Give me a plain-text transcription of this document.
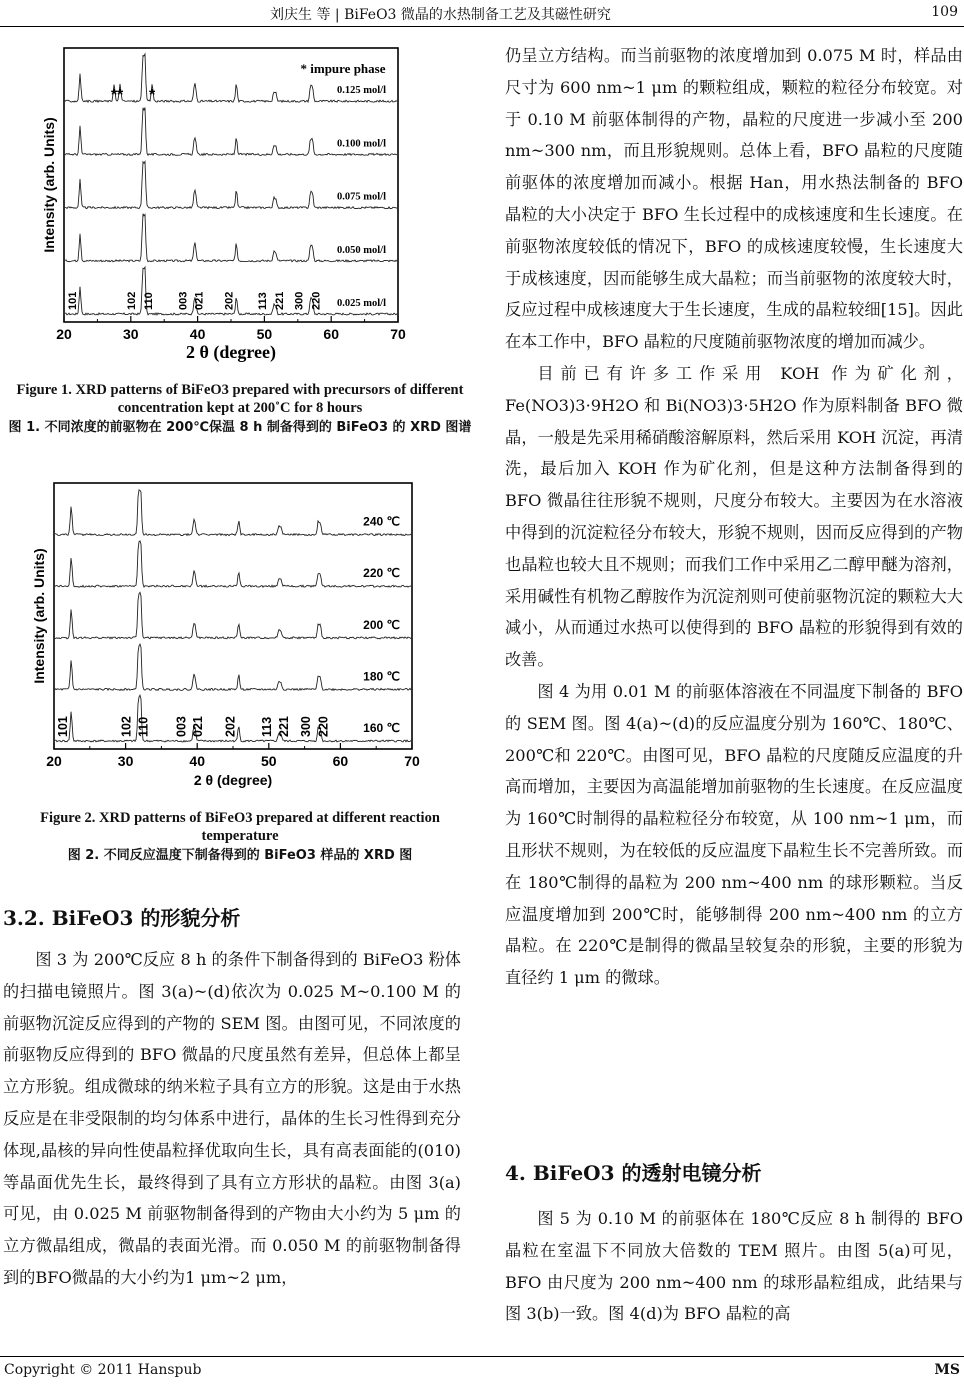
刘庆生 等 | BiFeO3 微晶的水热制备工艺及其磁性研究	109
20	30	40	50	60	70
2 θ (degree)
Intensity (arb. Units)
0.025 mol/l
0.050 mol/l
0.075 mol/l
0.100 mol/l
0.125 mol/l
101	102 110 003 021 202 113 221 300 220
* impure phase
* * *
Figure 1. XRD patterns of BiFeO3 prepared with precursors of different concentration kept at 200˚C for 8 hours
图 1. 不同浓度的前驱物在 200℃保温 8 h 制备得到的 BiFeO3 的 XRD 图谱
20	30	40	50	60	70
2 θ (degree)
Intensity (arb. Units)
160 ℃
180 ℃
200 ℃
220 ℃
240 ℃
101	102 110 003 021 202 113 221 300 220
Figure 2. XRD patterns of BiFeO3 prepared at different reaction temperature
图 2. 不同反应温度下制备得到的 BiFeO3 样品的 XRD 图
3.2. BiFeO3 的形貌分析

图 3 为 200℃反应 8 h 的条件下制备得到的 BiFeO3 粉体的扫描电镜照片。图 3(a)~(d)依次为 0.025 M~0.100 M 的前驱物沉淀反应得到的产物的 SEM 图。由图可见，不同浓度的前驱物反应得到的 BFO 微晶的尺度虽然有差异，但总体上都呈立方形貌。组成微球的纳米粒子具有立方的形貌。这是由于水热反应是在非受限制的均匀体系中进行，晶体的生长习性得到充分体现,晶核的异向性使晶粒择优取向生长，具有高表面能的(010)等晶面优先生长，最终得到了具有立方形状的晶粒。由图 3(a)可见，由 0.025 M 前驱物制备得到的产物由大小约为 5 μm 的立方微晶组成，微晶的表面光滑。而 0.050 M 的前驱物制备得到的BFO微晶的大小约为1 μm~2 μm，

仍呈立方结构。而当前驱物的浓度增加到 0.075 M 时，样品由尺寸为 600 nm~1 μm 的颗粒组成，颗粒的粒径分布较宽。对于 0.10 M 前驱体制得的产物，晶粒的尺度进一步减小至 200 nm~300 nm，而且形貌规则。总体上看，BFO 晶粒的尺度随前驱体的浓度增加而减小。根据 Han，用水热法制备的 BFO 晶粒的大小决定于 BFO 生长过程中的成核速度和生长速度。在前驱物浓度较低的情况下，BFO 的成核速度较慢，生长速度大于成核速度，因而能够生成大晶粒；而当前驱物的浓度较大时，反应过程中成核速度大于生长速度，生成的晶粒较细[15]。因此在本工作中，BFO 晶粒的尺度随前驱物浓度的增加而减少。

目前已有许多工作采用 KOH 作为矿化剂，Fe(NO3)3·9H2O 和 Bi(NO3)3·5H2O 作为原料制备 BFO 微晶，一般是先采用稀硝酸溶解原料，然后采用 KOH 沉淀，再清洗，最后加入 KOH 作为矿化剂，但是这种方法制备得到的 BFO 微晶往往形貌不规则，尺度分布较大。主要因为在水溶液中得到的沉淀粒径分布较大，形貌不规则，因而反应得到的产物也晶粒也较大且不规则；而我们工作中采用乙二醇甲醚为溶剂，采用碱性有机物乙醇胺作为沉淀剂则可使前驱物沉淀的颗粒大大减小，从而通过水热可以使得到的 BFO 晶粒的形貌得到有效的改善。

图 4 为用 0.01 M 的前驱体溶液在不同温度下制备的 BFO 的 SEM 图。图 4(a)~(d)的反应温度分别为 160℃、180℃、200℃和 220℃。由图可见，BFO 晶粒的尺度随反应温度的升高而增加，主要因为高温能增加前驱物的生长速度。在反应温度为 160℃时制得的晶粒粒径分布较宽，从 100 nm~1 μm，而且形状不规则，为在较低的反应温度下晶粒生长不完善所致。而在 180℃制得的晶粒为 200 nm~400 nm 的球形颗粒。当反应温度增加到 200℃时，能够制得 200 nm~400 nm 的立方晶粒。在 220℃是制得的微晶呈较复杂的形貌，主要的形貌为直径约 1 μm 的微球。

4. BiFeO3 的透射电镜分析

图 5 为 0.10 M 的前驱体在 180℃反应 8 h 制得的 BFO 晶粒在室温下不同放大倍数的 TEM 照片。由图 5(a)可见，BFO 由尺度为 200 nm~400 nm 的球形晶粒组成，此结果与图 3(b)一致。图 4(d)为 BFO 晶粒的高

Copyright © 2011 Hanspub	MS
